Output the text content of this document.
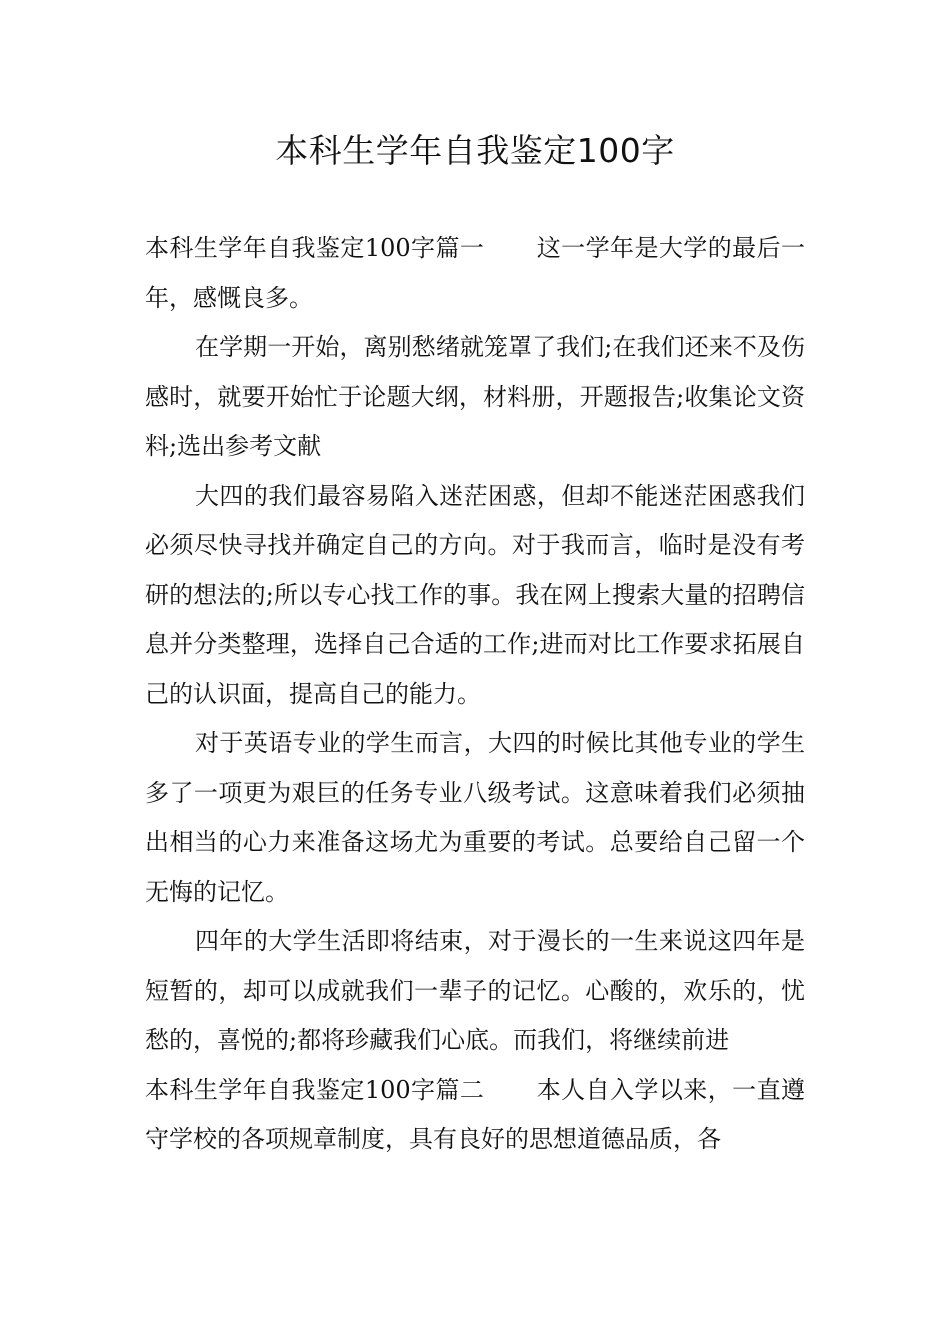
本科生学年自我鉴定100字

本科生学年自我鉴定100字篇一 这一学年是大学的最后一年，感慨良多。

在学期一开始，离别愁绪就笼罩了我们;在我们还来不及伤感时，就要开始忙于论题大纲，材料册，开题报告;收集论文资料;选出参考文献

大四的我们最容易陷入迷茫困惑，但却不能迷茫困惑我们必须尽快寻找并确定自己的方向。对于我而言，临时是没有考研的想法的;所以专心找工作的事。我在网上搜索大量的招聘信息并分类整理，选择自己合适的工作;进而对比工作要求拓展自己的认识面，提高自己的能力。

对于英语专业的学生而言，大四的时候比其他专业的学生多了一项更为艰巨的任务专业八级考试。这意味着我们必须抽出相当的心力来准备这场尤为重要的考试。总要给自己留一个无悔的记忆。

四年的大学生活即将结束，对于漫长的一生来说这四年是短暂的，却可以成就我们一辈子的记忆。心酸的，欢乐的，忧愁的，喜悦的;都将珍藏我们心底。而我们，将继续前进

本科生学年自我鉴定100字篇二 本人自入学以来，一直遵守学校的各项规章制度，具有良好的思想道德品质，各
